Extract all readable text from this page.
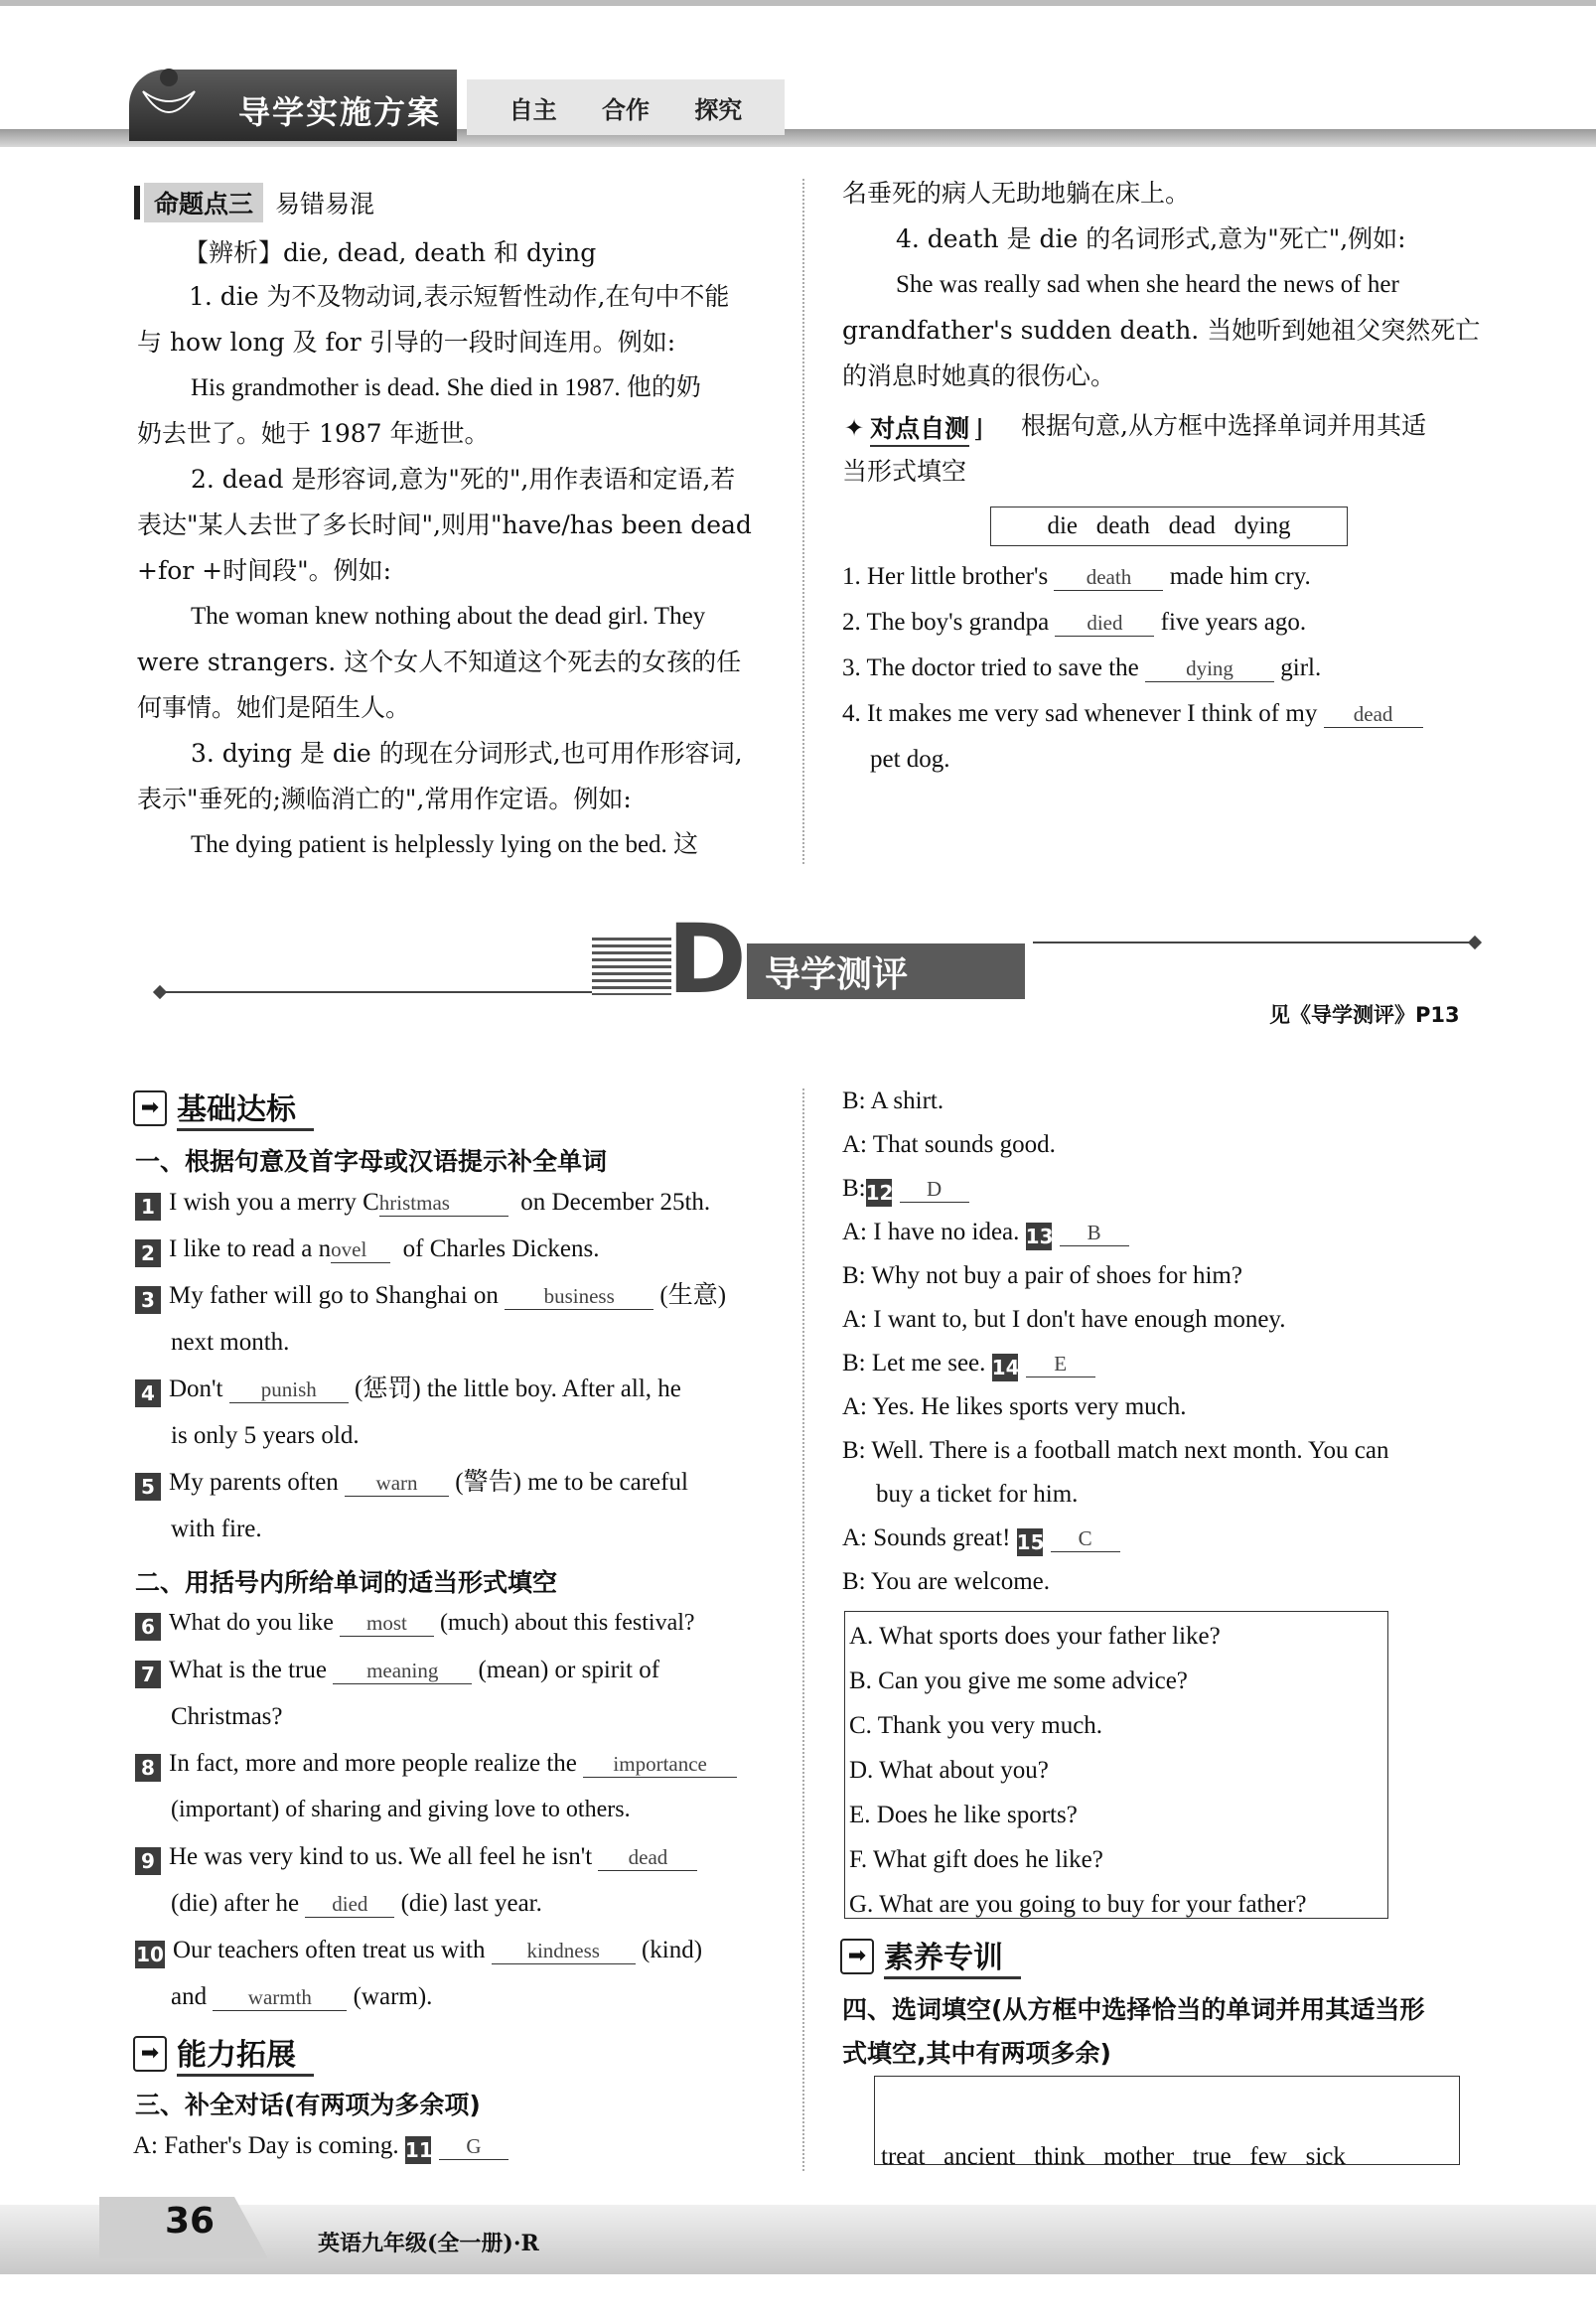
导学实施方案	自主 合作 探究
命题点三 易错易混

【辨析】die, dead, death 和 dying

1. die 为不及物动词,表示短暂性动作,在句中不能

与 how long 及 for 引导的一段时间连用。例如:

His grandmother is dead. She died in 1987. 他的奶

奶去世了。她于 1987 年逝世。

2. dead 是形容词,意为"死的",用作表语和定语,若

表达"某人去世了多长时间",则用"have/has been dead

+for +时间段"。例如:

The woman knew nothing about the dead girl. They

were strangers. 这个女人不知道这个死去的女孩的任

何事情。她们是陌生人。

3. dying 是 die 的现在分词形式,也可用作形容词,

表示"垂死的;濒临消亡的",常用作定语。例如:

The dying patient is helplessly lying on the bed. 这

名垂死的病人无助地躺在床上。

4. death 是 die 的名词形式,意为"死亡",例如:

She was really sad when she heard the news of her

grandfather's sudden death. 当她听到她祖父突然死亡

的消息时她真的很伤心。

✦ 对点自测 ⌋ 根据句意,从方框中选择单词并用其适

当形式填空

die   death   dead   dying

1. Her little brother's death made him cry.

2. The boy's grandpa died five years ago.

3. The doctor tried to save the dying girl.

4. It makes me very sad whenever I think of my dead

pet dog.

D 导学测评
见《导学测评》P13
➡ 基础达标
一、根据句意及首字母或汉语提示补全单词

1 I wish you a merry Christmas	on December 25th.

2 I like to read a novel of Charles Dickens.

3 My father will go to Shanghai on business (生意)

next month.

4 Don't punish (惩罚) the little boy. After all, he

is only 5 years old.

5 My parents often warn (警告) me to be careful

with fire.

二、用括号内所给单词的适当形式填空

6 What do you like most (much) about this festival?

7 What is the true meaning (mean) or spirit of

Christmas?

8 In fact, more and more people realize the importance

(important) of sharing and giving love to others.

9 He was very kind to us. We all feel he isn't dead

(die) after he died (die) last year.

10 Our teachers often treat us with kindness (kind)

and warmth (warm).

➡ 能力拓展
三、补全对话(有两项为多余项)

A: Father's Day is coming. 11 G

B: A shirt.

A: That sounds good.

B:12 D

A: I have no idea. 13 B

B: Why not buy a pair of shoes for him?

A: I want to, but I don't have enough money.

B: Let me see. 14 E

A: Yes. He likes sports very much.

B: Well. There is a football match next month. You can

buy a ticket for him.

A: Sounds great! 15 C

B: You are welcome.

A. What sports does your father like?
B. Can you give me some advice?
C. Thank you very much.
D. What about you?
E. Does he like sports?
F. What gift does he like?
G. What are you going to buy for your father?
➡ 素养专训
四、选词填空(从方框中选择恰当的单词并用其适当形
式填空,其中有两项多余)

treat   ancient   think   mother   true   few   sick

36
英语九年级(全一册)·R
